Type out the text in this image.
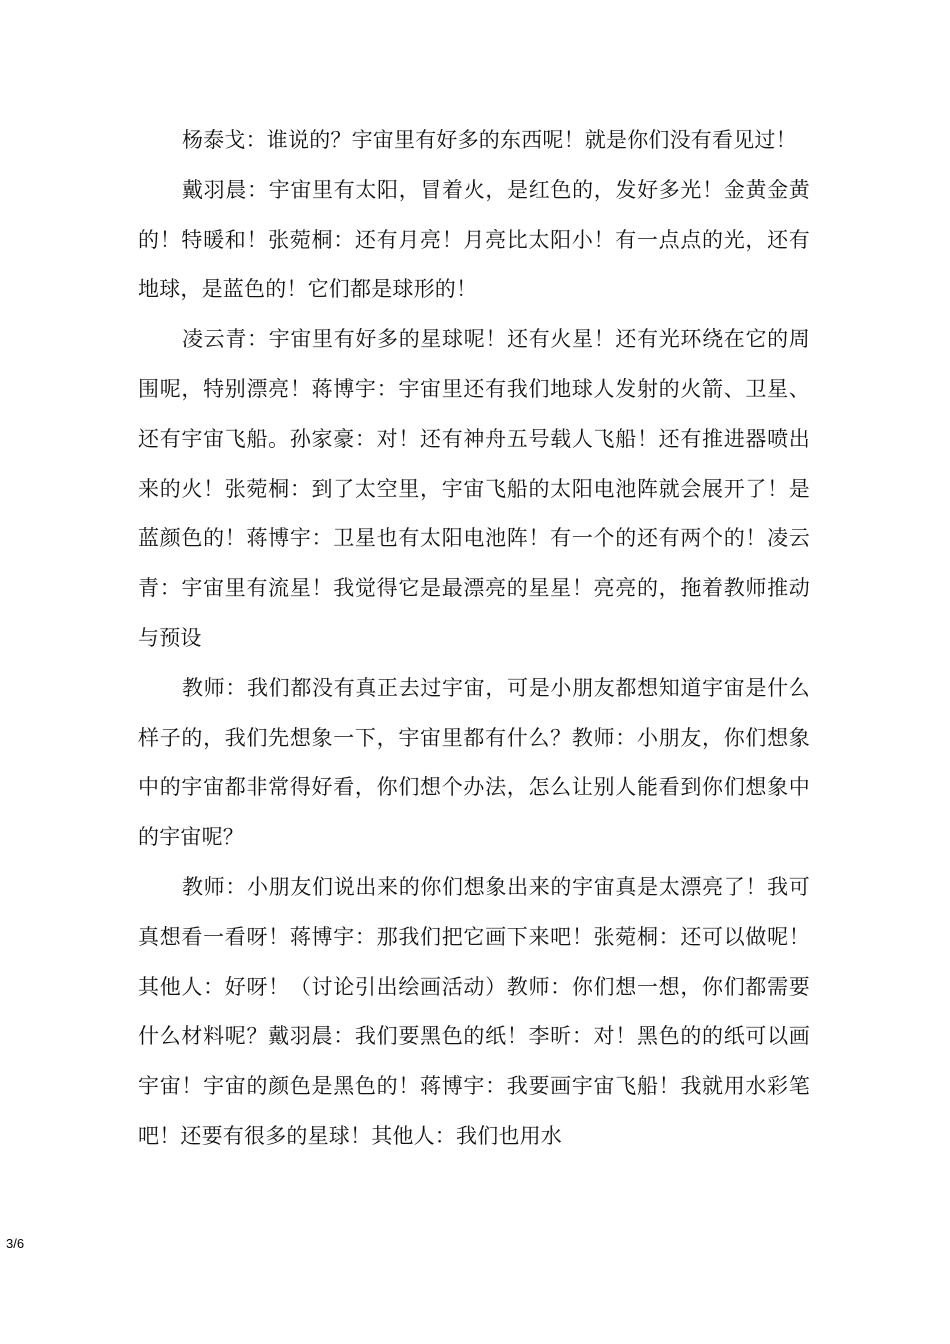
杨泰戈：谁说的？宇宙里有好多的东西呢！就是你们没有看见过！

戴羽晨：宇宙里有太阳，冒着火，是红色的，发好多光！金黄金黄的！特暖和！张菀桐：还有月亮！月亮比太阳小！有一点点的光，还有地球，是蓝色的！它们都是球形的！

凌云青：宇宙里有好多的星球呢！还有火星！还有光环绕在它的周围呢，特别漂亮！蒋博宇：宇宙里还有我们地球人发射的火箭、卫星、还有宇宙飞船。孙家豪：对！还有神舟五号载人飞船！还有推进器喷出来的火！张菀桐：到了太空里，宇宙飞船的太阳电池阵就会展开了！是蓝颜色的！蒋博宇：卫星也有太阳电池阵！有一个的还有两个的！凌云青：宇宙里有流星！我觉得它是最漂亮的星星！亮亮的，拖着教师推动与预设

教师：我们都没有真正去过宇宙，可是小朋友都想知道宇宙是什么样子的，我们先想象一下，宇宙里都有什么？教师：小朋友，你们想象中的宇宙都非常得好看，你们想个办法，怎么让别人能看到你们想象中的宇宙呢？

教师：小朋友们说出来的你们想象出来的宇宙真是太漂亮了！我可真想看一看呀！蒋博宇：那我们把它画下来吧！张菀桐：还可以做呢！其他人：好呀！（讨论引出绘画活动）教师：你们想一想，你们都需要什么材料呢？戴羽晨：我们要黑色的纸！李昕：对！黑色的的纸可以画宇宙！宇宙的颜色是黑色的！蒋博宇：我要画宇宙飞船！我就用水彩笔吧！还要有很多的星球！其他人：我们也用水

3/6
